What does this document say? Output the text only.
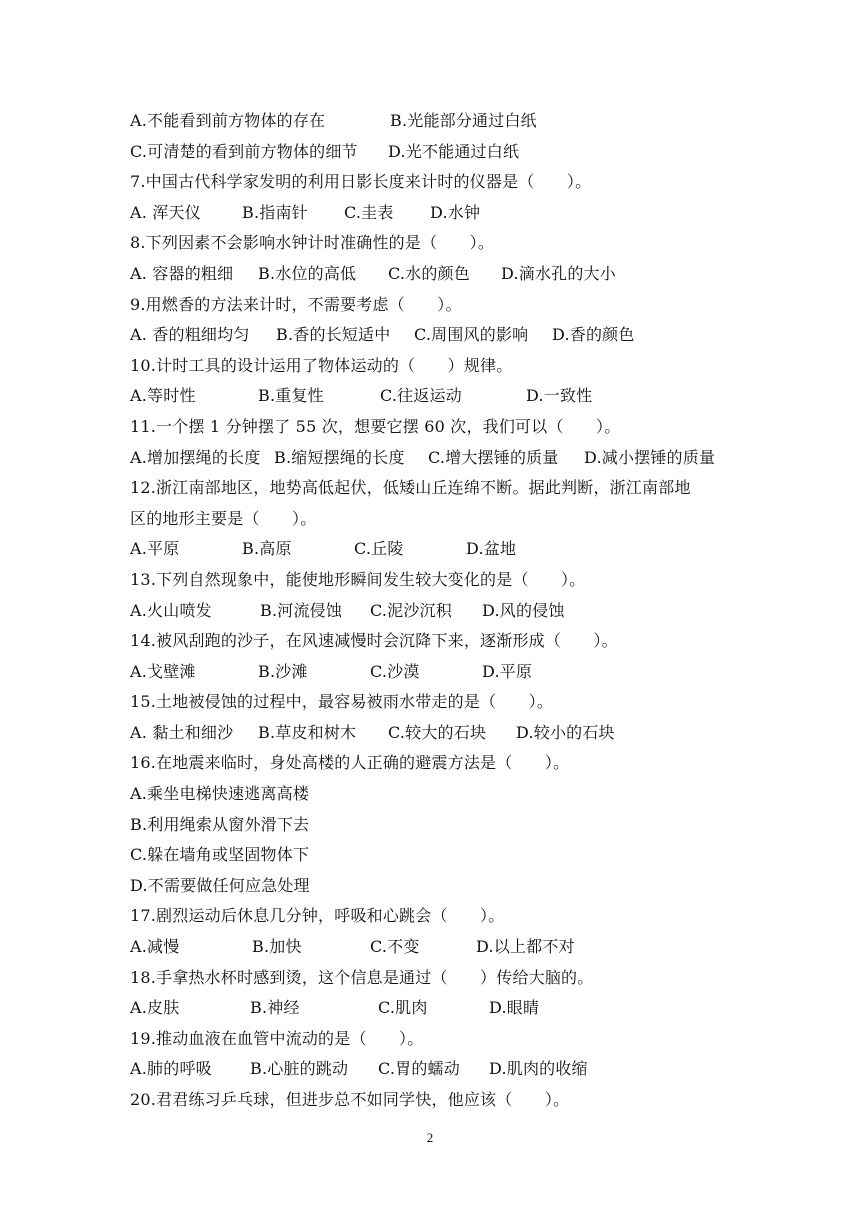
A.不能看到前方物体的存在	B.光能部分通过白纸
C.可清楚的看到前方物体的细节 D.光不能通过白纸
7.中国古代科学家发明的利用日影长度来计时的仪器是（　　）。
A. 浑天仪	B.指南针 C.圭表 D.水钟
8.下列因素不会影响水钟计时准确性的是（　　）。
A. 容器的粗细 B.水位的高低 C.水的颜色 D.滴水孔的大小
9.用燃香的方法来计时，不需要考虑（　　）。
A. 香的粗细均匀 B.香的长短适中 C.周围风的影响 D.香的颜色
10.计时工具的设计运用了物体运动的（　　）规律。
A.等时性	B.重复性	C.往返运动	D.一致性
11.一个摆 1 分钟摆了 55 次，想要它摆 60 次，我们可以（　　）。
A.增加摆绳的长度 B.缩短摆绳的长度 C.增大摆锤的质量 D.减小摆锤的质量
12.浙江南部地区，地势高低起伏，低矮山丘连绵不断。据此判断，浙江南部地
区的地形主要是（　　）。
A.平原	B.高原	C.丘陵	D.盆地
13.下列自然现象中，能使地形瞬间发生较大变化的是（　　）。
A.火山喷发	B.河流侵蚀 C.泥沙沉积 D.风的侵蚀
14.被风刮跑的沙子，在风速减慢时会沉降下来，逐渐形成（　　）。
A.戈壁滩	B.沙滩	C.沙漠	D.平原
15.土地被侵蚀的过程中，最容易被雨水带走的是（　　）。
A. 黏土和细沙 B.草皮和树木 C.较大的石块 D.较小的石块
16.在地震来临时，身处高楼的人正确的避震方法是（　　）。
A.乘坐电梯快速逃离高楼
B.利用绳索从窗外滑下去
C.躲在墙角或坚固物体下
D.不需要做任何应急处理
17.剧烈运动后休息几分钟，呼吸和心跳会（　　）。
A.减慢	B.加快	C.不变	D.以上都不对
18.手拿热水杯时感到烫，这个信息是通过（　　）传给大脑的。
A.皮肤	B.神经	C.肌肉	D.眼睛
19.推动血液在血管中流动的是（　　）。
A.肺的呼吸 B.心脏的跳动 C.胃的蠕动 D.肌肉的收缩
20.君君练习乒乓球，但进步总不如同学快，他应该（　　）。
2
